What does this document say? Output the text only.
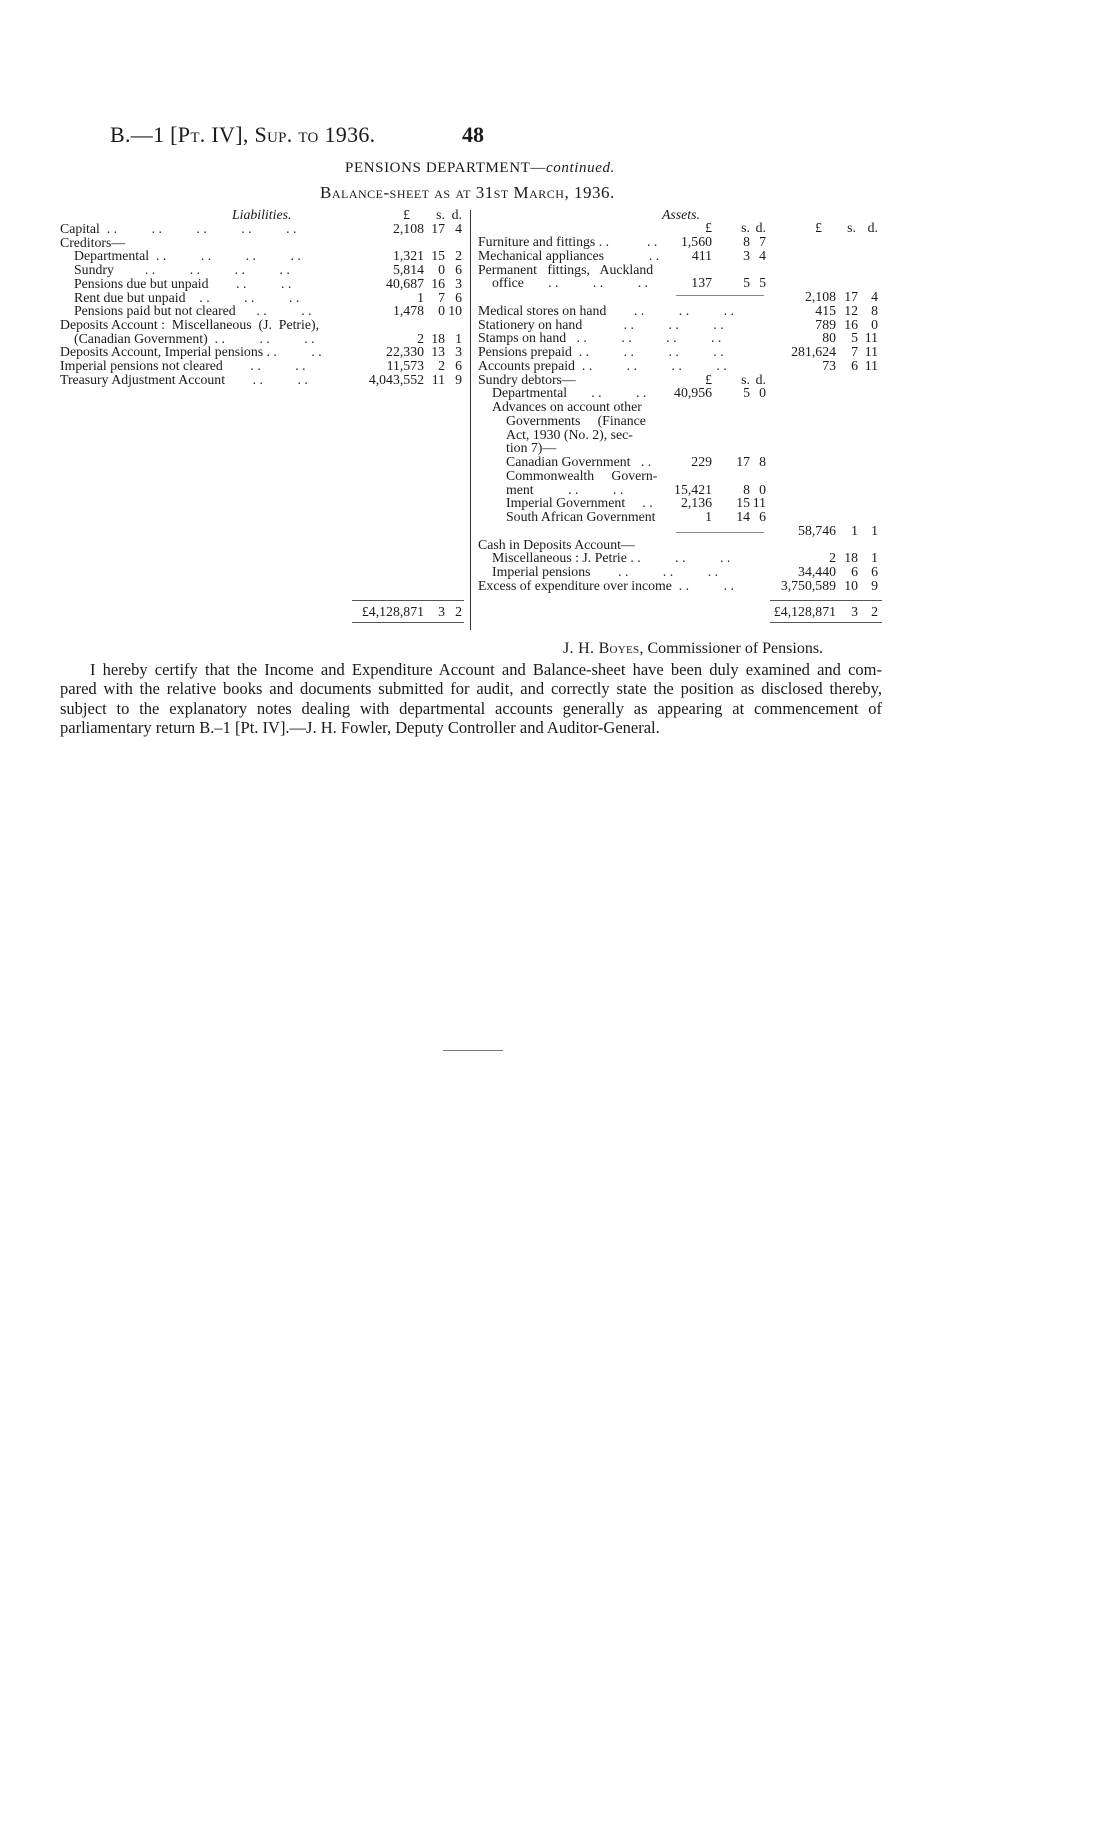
B.—1 [Pt. IV], Sup. to 1936.	48
PENSIONS DEPARTMENT—continued.
Balance-sheet as at 31st March, 1936.
Liabilities.	£	s. d.
Capital  . .          . .          . .          . .          . .	2,108 17 4
Creditors—
Departmental  . .          . .          . .          . .	1,321 15 2
Sundry         . .          . .          . .          . .	5,814	0 6
Pensions due but unpaid        . .          . .	40,687 16 3
Rent due but unpaid    . .          . .          . .	1	7 6
Pensions paid but not cleared      . .          . .	1,478	0 10
Deposits Account :  Miscellaneous  (J.  Petrie),
(Canadian Government)  . .          . .          . .	2 18 1
Deposits Account, Imperial pensions . .          . .	22,330 13 3
Imperial pensions not cleared        . .          . .	11,573	2 6
Treasury Adjustment Account        . .          . .	4,043,552 11 9
£4,128,871	3 2
Assets.
£	s. d.	£	s. d.
Furniture and fittings . .           . .	1,560	8 7
Mechanical appliances             . .	411	3 4
Permanent   fittings,   Auckland
office       . .          . .          . .	137	5 5
2,108 17 4
Medical stores on hand        . .          . .          . .	415 12 8
Stationery on hand            . .          . .          . .	789 16 0
Stamps on hand   . .          . .          . .          . .	80	5 11
Pensions prepaid  . .          . .          . .          . .	281,624	7 11
Accounts prepaid  . .          . .          . .          . .	73	6 11
Sundry debtors—	£	s. d.
Departmental       . .          . .	40,956	5 0
Advances on account other
Governments     (Finance
Act, 1930 (No. 2), sec-
tion 7)—
Canadian Government   . .	229	17 8
Commonwealth     Govern-
ment          . .          . .	15,421	8 0
Imperial Government     . .	2,136	15 11
South African Government	1	14 6
58,746	1 1
Cash in Deposits Account—
Miscellaneous : J. Petrie . .          . .          . .	2 18 1
Imperial pensions        . .          . .          . .	34,440	6 6
Excess of expenditure over income  . .          . .	3,750,589 10 9
£4,128,871	3 2
J. H. Boyes, Commissioner of Pensions.
I hereby certify that the Income and Expenditure Account and Balance-sheet have been duly examined and com-
pared with the relative books and documents submitted for audit, and correctly state the position as disclosed thereby,
subject to the explanatory notes dealing with departmental accounts generally as appearing at commencement of
parliamentary return B.–1 [Pt. IV].—J. H. Fowler, Deputy Controller and Auditor-General.
